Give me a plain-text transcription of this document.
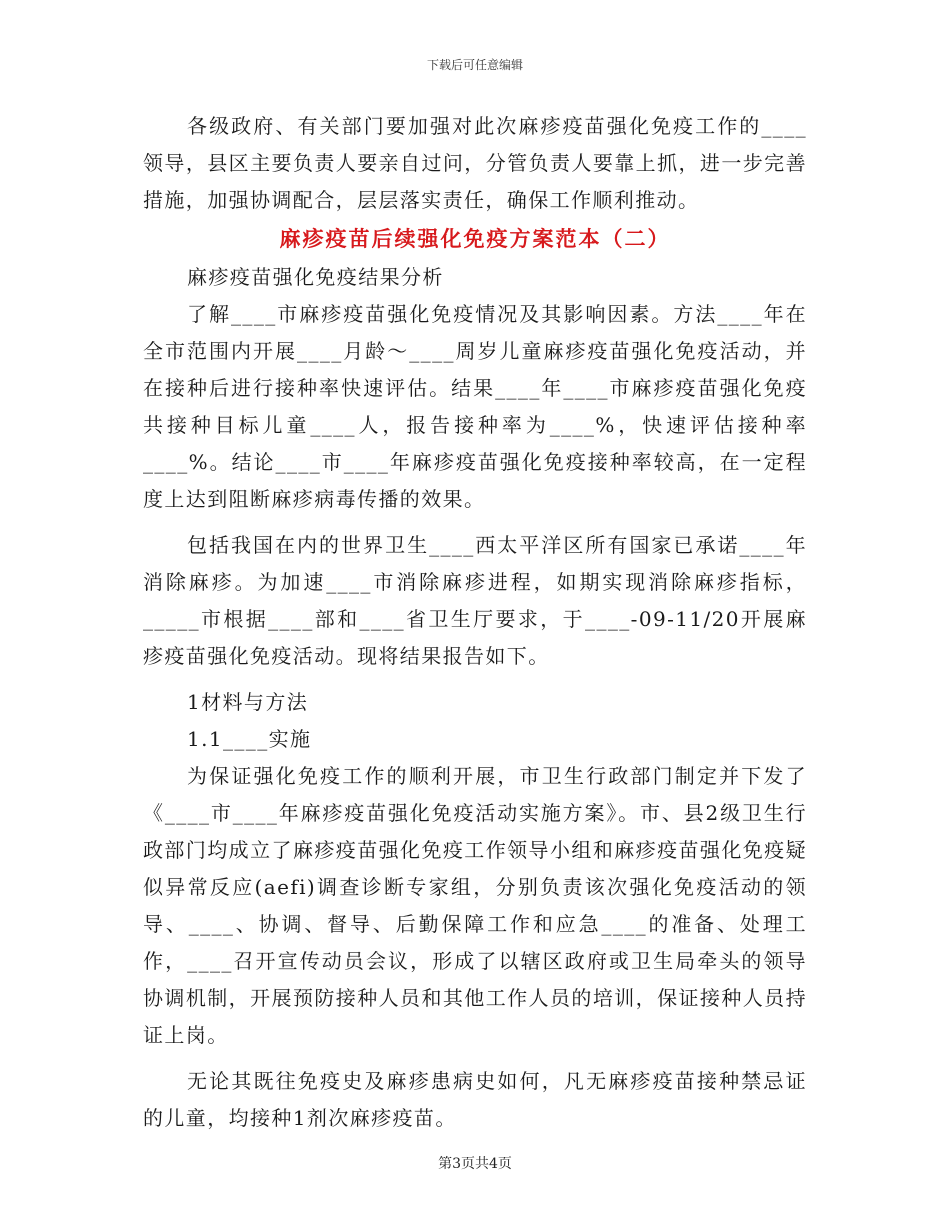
下载后可任意编辑

各级政府、有关部门要加强对此次麻疹疫苗强化免疫工作的____领导，县区主要负责人要亲自过问，分管负责人要靠上抓，进一步完善措施，加强协调配合，层层落实责任，确保工作顺利推动。

麻疹疫苗后续强化免疫方案范本（二）

麻疹疫苗强化免疫结果分析

了解____市麻疹疫苗强化免疫情况及其影响因素。方法____年在全市范围内开展____月龄～____周岁儿童麻疹疫苗强化免疫活动，并在接种后进行接种率快速评估。结果____年____市麻疹疫苗强化免疫共接种目标儿童____人，报告接种率为____%，快速评估接种率____%。结论____市____年麻疹疫苗强化免疫接种率较高，在一定程度上达到阻断麻疹病毒传播的效果。

包括我国在内的世界卫生____西太平洋区所有国家已承诺____年消除麻疹。为加速____市消除麻疹进程，如期实现消除麻疹指标，_____市根据____部和____省卫生厅要求，于____-09-11/20开展麻疹疫苗强化免疫活动。现将结果报告如下。

1材料与方法

1.1____实施

为保证强化免疫工作的顺利开展，市卫生行政部门制定并下发了《____市____年麻疹疫苗强化免疫活动实施方案》。市、县2级卫生行政部门均成立了麻疹疫苗强化免疫工作领导小组和麻疹疫苗强化免疫疑似异常反应(aefi)调查诊断专家组，分别负责该次强化免疫活动的领导、____、协调、督导、后勤保障工作和应急____的准备、处理工作，____召开宣传动员会议，形成了以辖区政府或卫生局牵头的领导协调机制，开展预防接种人员和其他工作人员的培训，保证接种人员持证上岗。

无论其既往免疫史及麻疹患病史如何，凡无麻疹疫苗接种禁忌证的儿童，均接种1剂次麻疹疫苗。

第3页共4页
